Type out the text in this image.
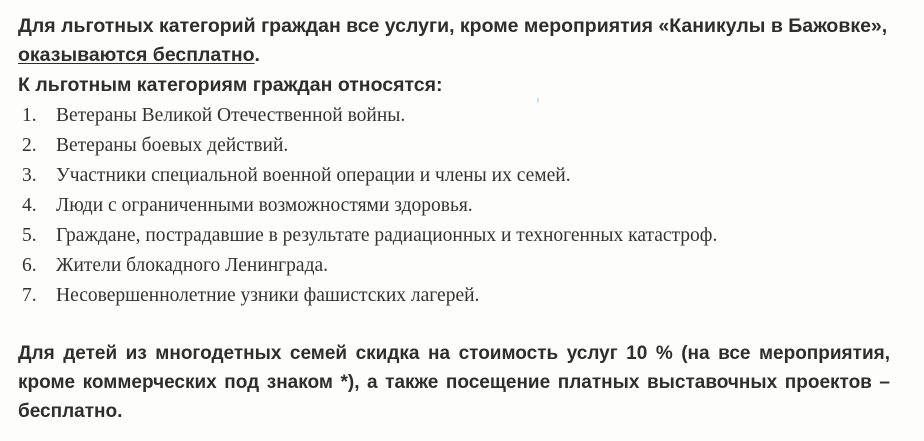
Для льготных категорий граждан все услуги, кроме мероприятия «Каникулы в Бажовке», оказываются бесплатно.

К льготным категориям граждан относятся:

1. Ветераны Великой Отечественной войны.
2. Ветераны боевых действий.
3. Участники специальной военной операции и члены их семей.
4. Люди с ограниченными возможностями здоровья.
5. Граждане, пострадавшие в результате радиационных и техногенных катастроф.
6. Жители блокадного Ленинграда.
7. Несовершеннолетние узники фашистских лагерей.

Для детей из многодетных семей скидка на стоимость услуг 10 % (на все мероприятия, кроме коммерческих под знаком *), а также посещение платных выставочных проектов – бесплатно.
